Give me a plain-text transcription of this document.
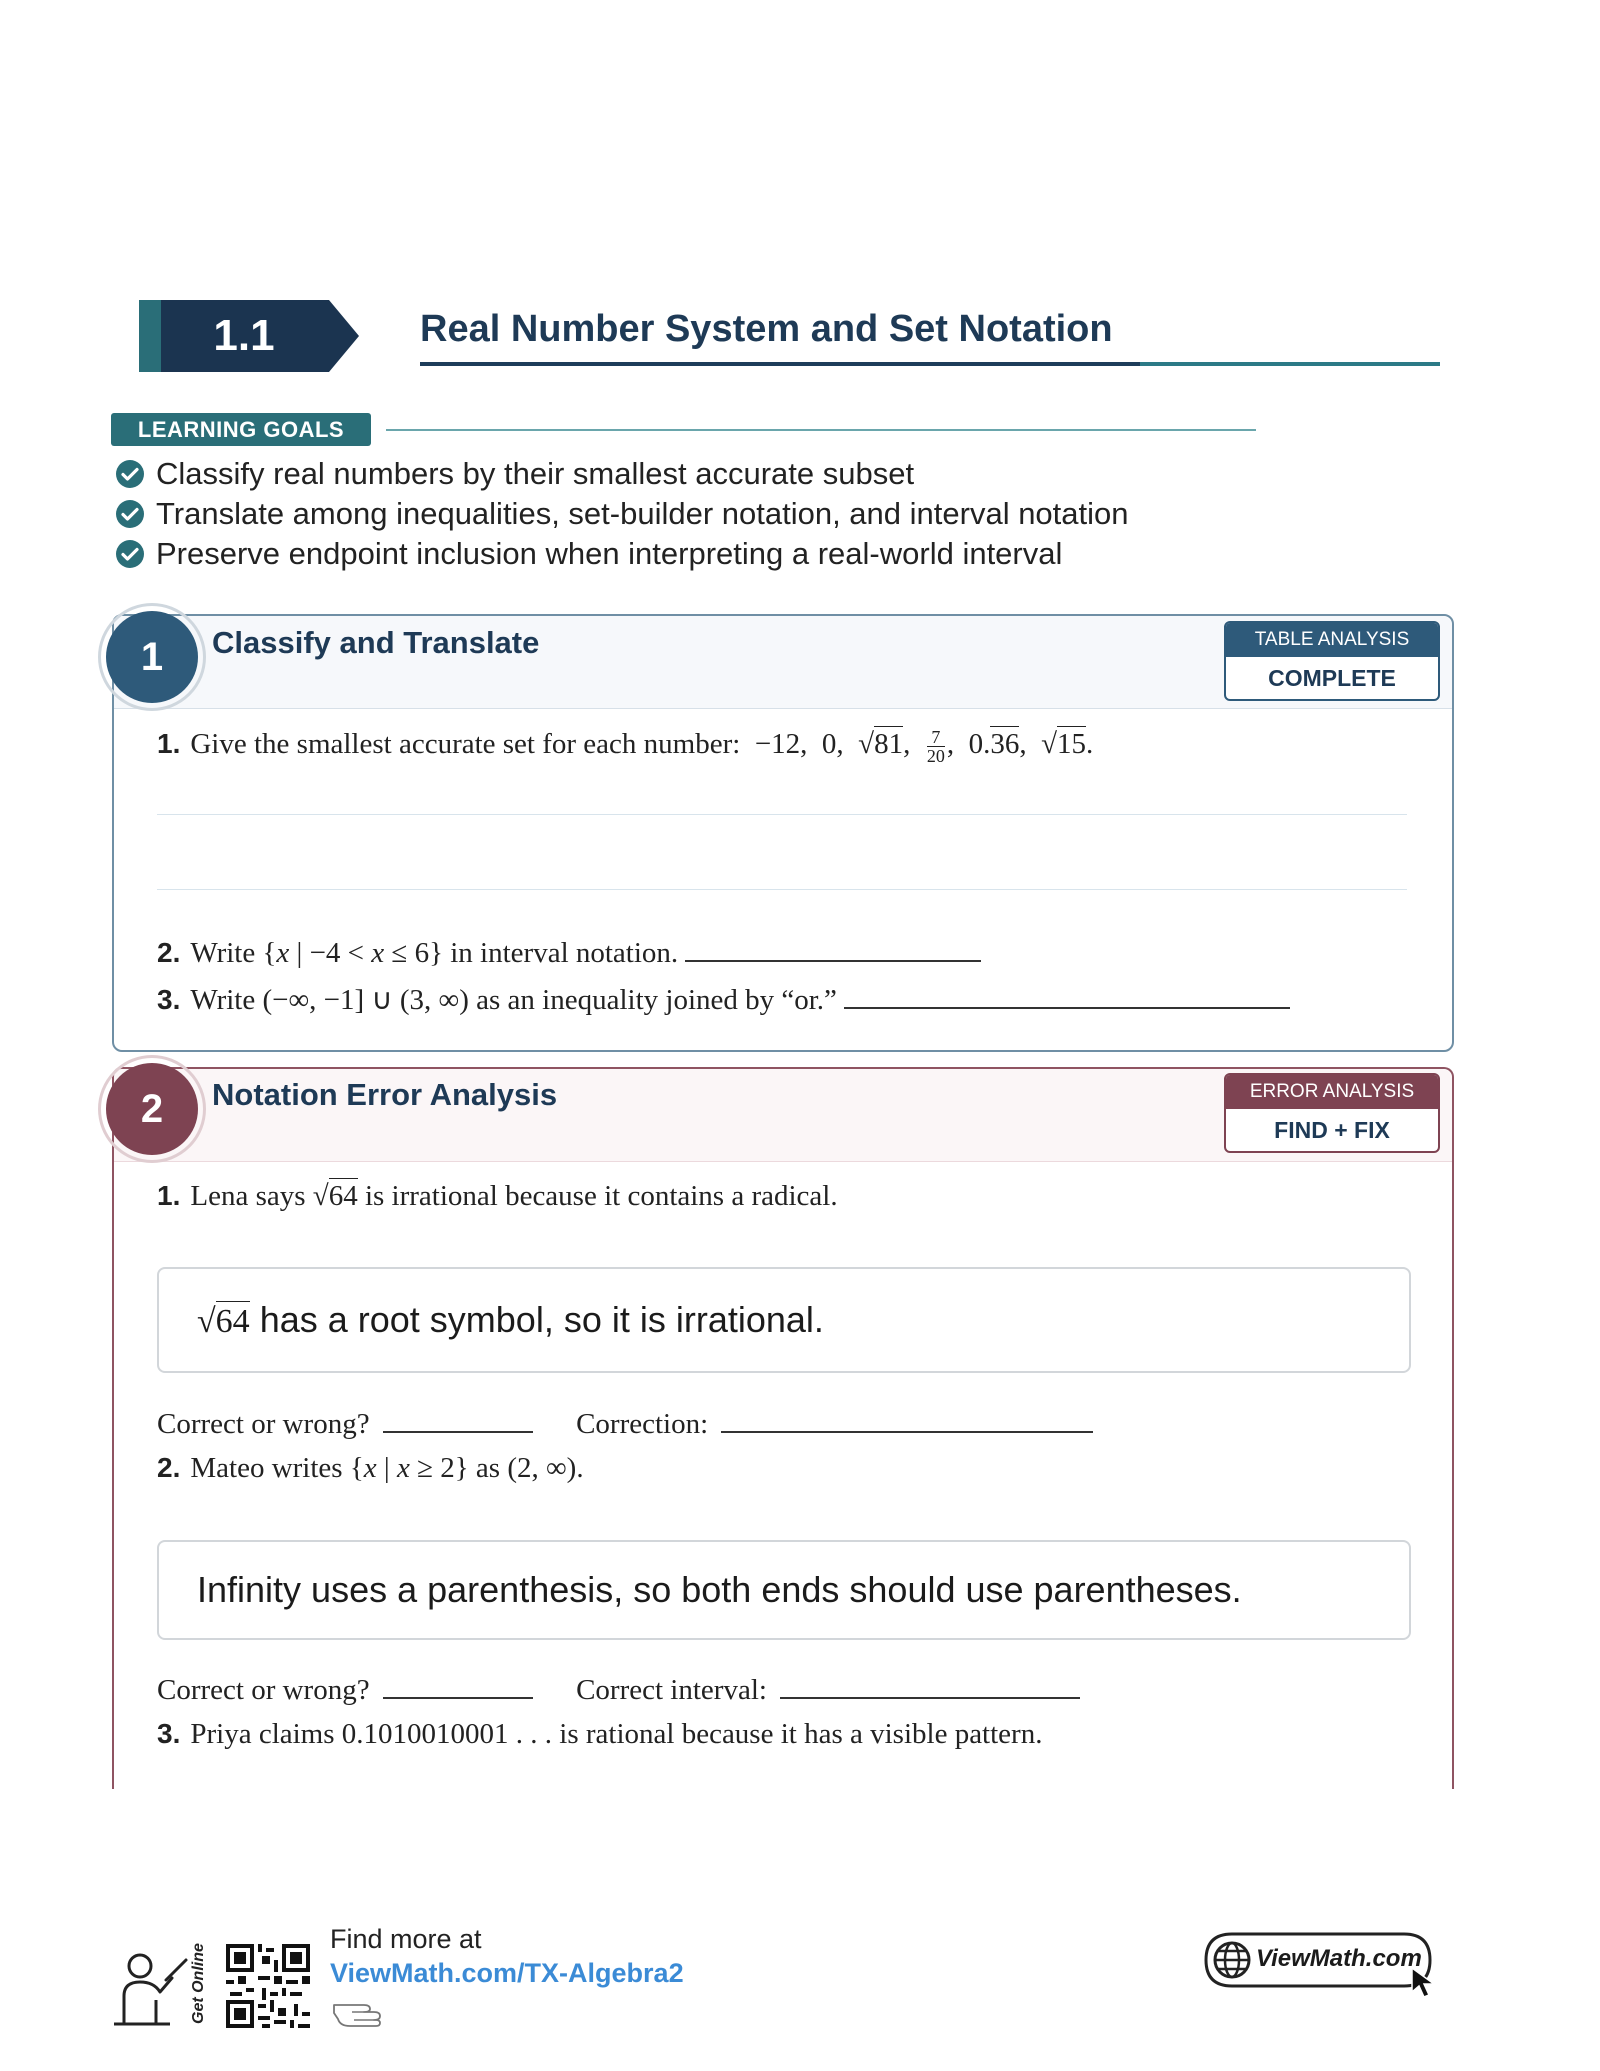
1.1	Real Number System and Set Notation
LEARNING GOALS
Classify real numbers by their smallest accurate subset
Translate among inequalities, set-builder notation, and interval notation
Preserve endpoint inclusion when interpreting a real-world interval
1	Classify and Translate	TABLE ANALYSIS
COMPLETE
1. Give the smallest accurate set for each number:  −12,  0,  √81, $\frac{7}{20}$ ,  0.36,  √15.
2. Write {x | −4 < x ≤ 6} in interval notation.
3. Write (−∞, −1] ∪ (3, ∞) as an inequality joined by “or.”
2	Notation Error Analysis	ERROR ANALYSIS
FIND + FIX
1. Lena says √64 is irrational because it contains a radical.
√64 has a root symbol, so it is irrational.
Correct or wrong?	Correction:
2. Mateo writes {x | x ≥ 2} as (2, ∞).
Infinity uses a parenthesis, so both ends should use parentheses.
Correct or wrong?	Correct interval:
3. Priya claims 0.1010010001 . . . is rational because it has a visible pattern.
Get Online
Find more at
ViewMath.com/TX-Algebra2	ViewMath.com
